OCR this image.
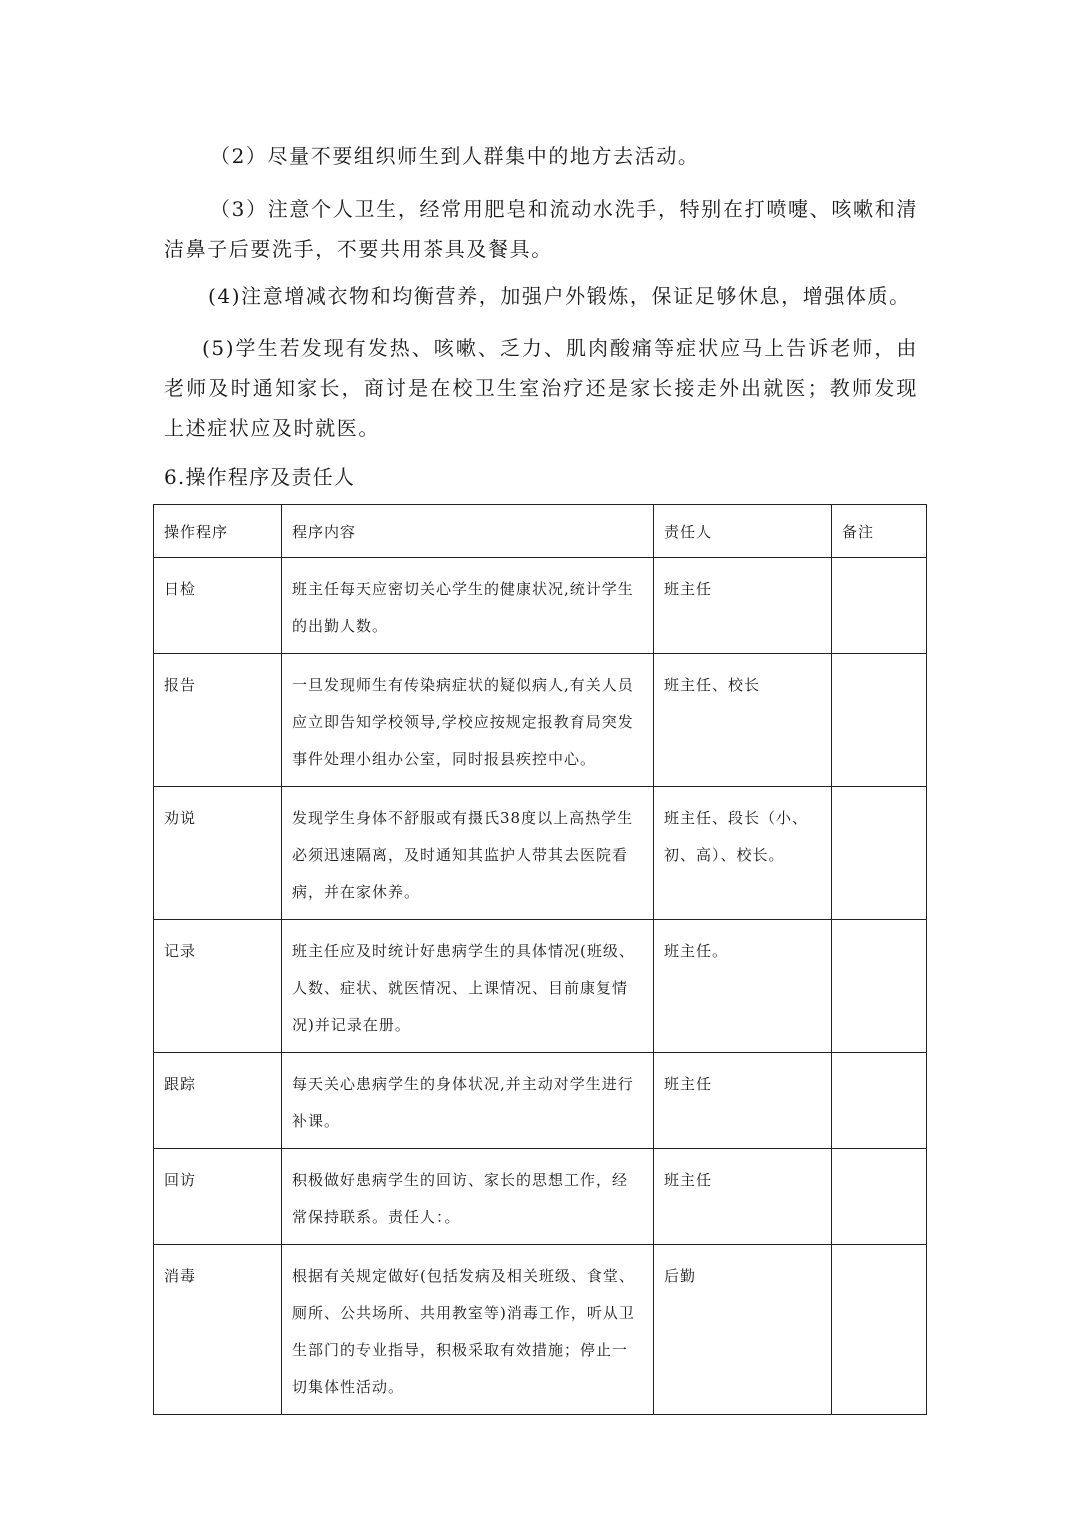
（2）尽量不要组织师生到人群集中的地方去活动。

（3）注意个人卫生，经常用肥皂和流动水洗手，特别在打喷嚏、咳嗽和清洁鼻子后要洗手，不要共用茶具及餐具。

(4)注意增减衣物和均衡营养，加强户外锻炼，保证足够休息，增强体质。

(5)学生若发现有发热、咳嗽、乏力、肌肉酸痛等症状应马上告诉老师，由老师及时通知家长，商讨是在校卫生室治疗还是家长接走外出就医；教师发现上述症状应及时就医。

6.操作程序及责任人
操作程序	程序内容	责任人	备注
日检	班主任每天应密切关心学生的健康状况,统计学生的出勤人数。	班主任	
报告	一旦发现师生有传染病症状的疑似病人,有关人员应立即告知学校领导,学校应按规定报教育局突发事件处理小组办公室，同时报县疾控中心。	班主任、校长	
劝说	发现学生身体不舒服或有摄氏38度以上高热学生必须迅速隔离，及时通知其监护人带其去医院看病，并在家休养。	班主任、段长（小、初、高）、校长。	
记录	班主任应及时统计好患病学生的具体情况(班级、人数、症状、就医情况、上课情况、目前康复情况)并记录在册。	班主任。	
跟踪	每天关心患病学生的身体状况,并主动对学生进行补课。	班主任	
回访	积极做好患病学生的回访、家长的思想工作，经常保持联系。责任人：。	班主任	
消毒	根据有关规定做好(包括发病及相关班级、食堂、厕所、公共场所、共用教室等)消毒工作，听从卫生部门的专业指导，积极采取有效措施；停止一切集体性活动。	后勤	
